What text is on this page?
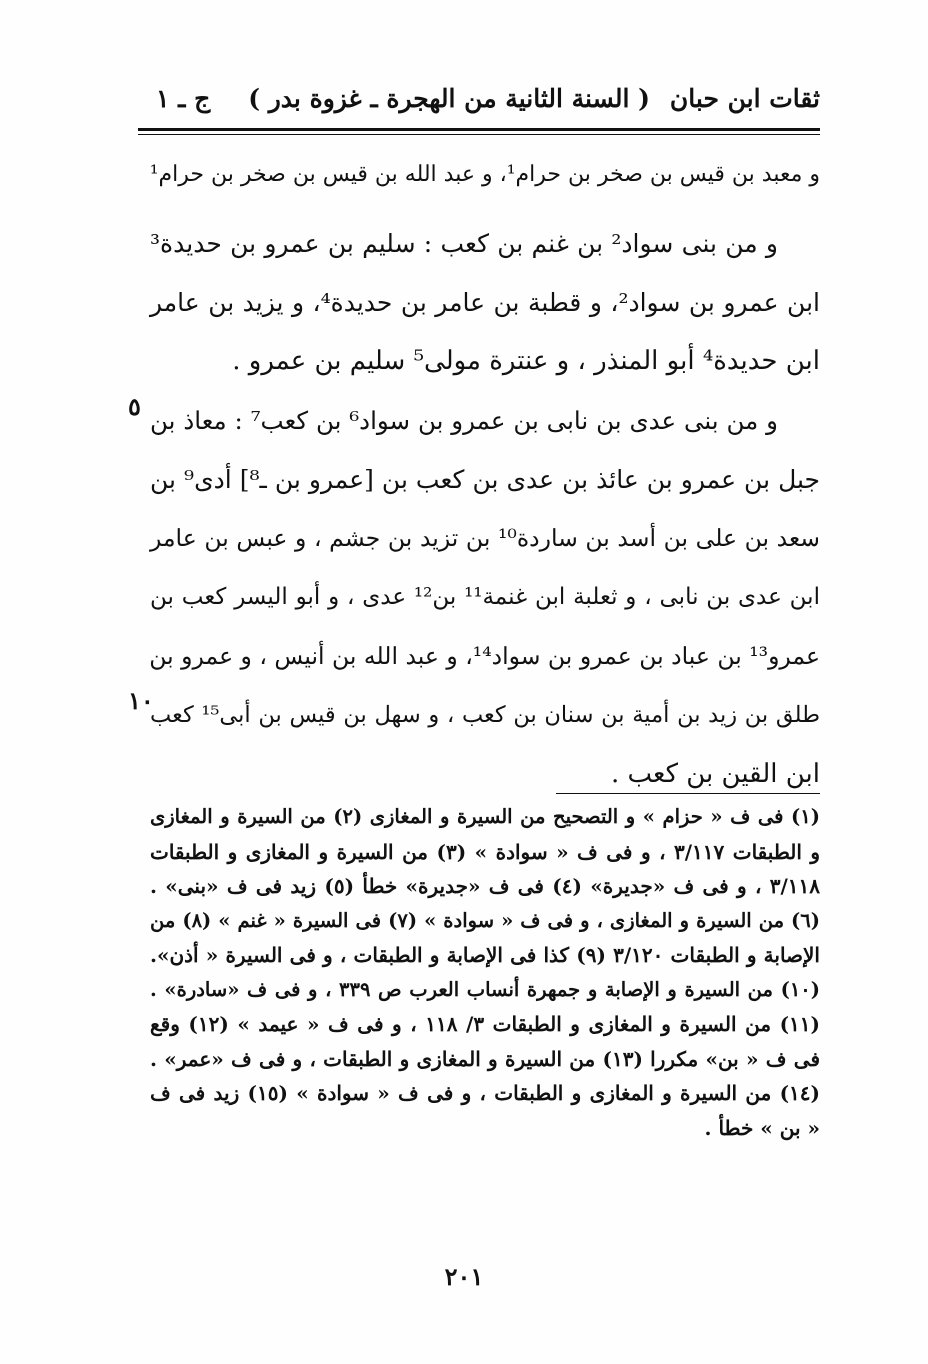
ثقات ابن حبان
( السنة الثانية من الهجرة ـ غزوة بدر )
ج ـ ١
و معبد بن قيس بن صخر بن حرام¹، و عبد الله بن قيس بن صخر بن حرام¹
و من بنى سواد² بن غنم بن كعب : سليم بن عمرو بن حديدة³
ابن عمرو بن سواد²، و قطبة بن عامر بن حديدة⁴، و يزيد بن عامر
ابن حديدة⁴ أبو المنذر ، و عنترة مولى⁵ سليم بن عمرو .
و من بنى عدى بن نابى بن عمرو بن سواد⁶ بن كعب⁷ : معاذ بن
جبل بن عمرو بن عائذ بن عدى بن كعب بن [عمرو بن ـ⁸] أدى⁹ بن
سعد بن على بن أسد بن ساردة¹⁰ بن تزيد بن جشم ، و عبس بن عامر
ابن عدى بن نابى ، و ثعلبة ابن غنمة¹¹ بن¹² عدى ، و أبو اليسر كعب بن
عمرو¹³ بن عباد بن عمرو بن سواد¹⁴، و عبد الله بن أنيس ، و عمرو بن
طلق بن زيد بن أمية بن سنان بن كعب ، و سهل بن قيس بن أبى¹⁵ كعب
ابن القين بن كعب .
٥
١٠
(١) فى ف « حزام » و التصحيح من السيرة و المغازى (٢) من السيرة و المغازى
و الطبقات ٣/١١٧ ، و فى ف « سوادة » (٣) من السيرة و المغازى و الطبقات
٣/١١٨ ، و فى ف «جديرة» (٤) فى ف «جديرة» خطأ (٥) زيد فى ف «بنى» .
(٦) من السيرة و المغازى ، و فى ف « سوادة » (٧) فى السيرة « غنم » (٨) من
الإصابة و الطبقات ٣/١٢٠ (٩) كذا فى الإصابة و الطبقات ، و فى السيرة « أذن».
(١٠) من السيرة و الإصابة و جمهرة أنساب العرب ص ٣٣٩ ، و فى ف «سادرة» .
(١١) من السيرة و المغازى و الطبقات ٣/ ١١٨ ، و فى ف « عيمد » (١٢) وقع
فى ف « بن» مكررا (١٣) من السيرة و المغازى و الطبقات ، و فى ف «عمر» .
(١٤) من السيرة و المغازى و الطبقات ، و فى ف « سوادة » (١٥) زيد فى ف
« بن » خطأ .
٢٠١
